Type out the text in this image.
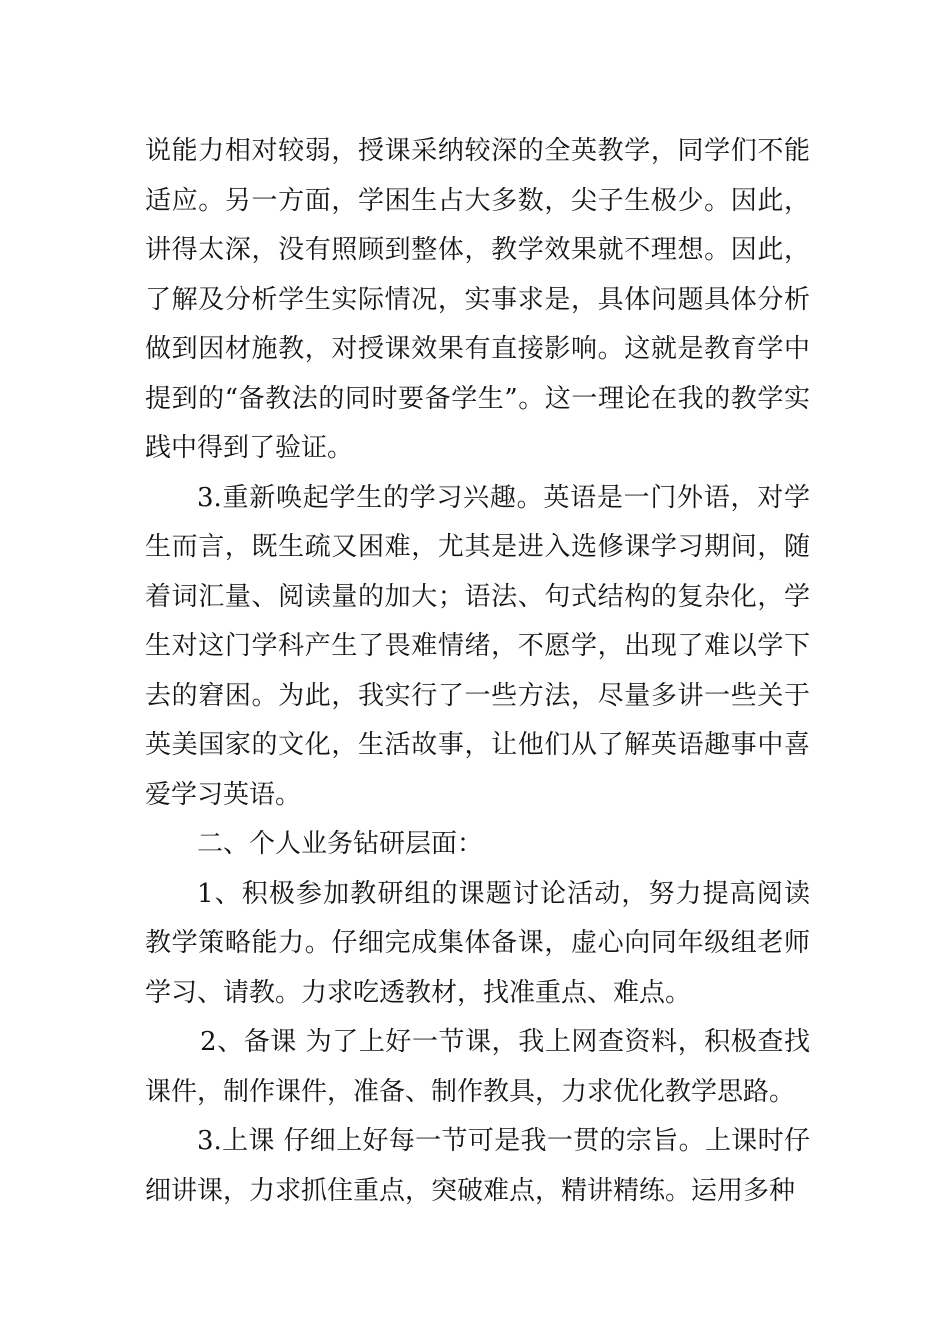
说能力相对较弱，授课采纳较深的全英教学，同学们不能适应。另一方面，学困生占大多数，尖子生极少。因此，讲得太深，没有照顾到整体，教学效果就不理想。因此，了解及分析学生实际情况，实事求是，具体问题具体分析做到因材施教，对授课效果有直接影响。这就是教育学中提到的“备教法的同时要备学生”。这一理论在我的教学实践中得到了验证。

3.重新唤起学生的学习兴趣。英语是一门外语，对学生而言，既生疏又困难，尤其是进入选修课学习期间，随着词汇量、阅读量的加大；语法、句式结构的复杂化，学生对这门学科产生了畏难情绪，不愿学，出现了难以学下去的窘困。为此，我实行了一些方法，尽量多讲一些关于英美国家的文化，生活故事，让他们从了解英语趣事中喜爱学习英语。

二、个人业务钻研层面：

1、积极参加教研组的课题讨论活动，努力提高阅读教学策略能力。仔细完成集体备课，虚心向同年级组老师学习、请教。力求吃透教材，找准重点、难点。

2、备课 为了上好一节课，我上网查资料，积极查找课件，制作课件，准备、制作教具，力求优化教学思路。

3.上课 仔细上好每一节可是我一贯的宗旨。上课时仔细讲课，力求抓住重点，突破难点，精讲精练。运用多种
